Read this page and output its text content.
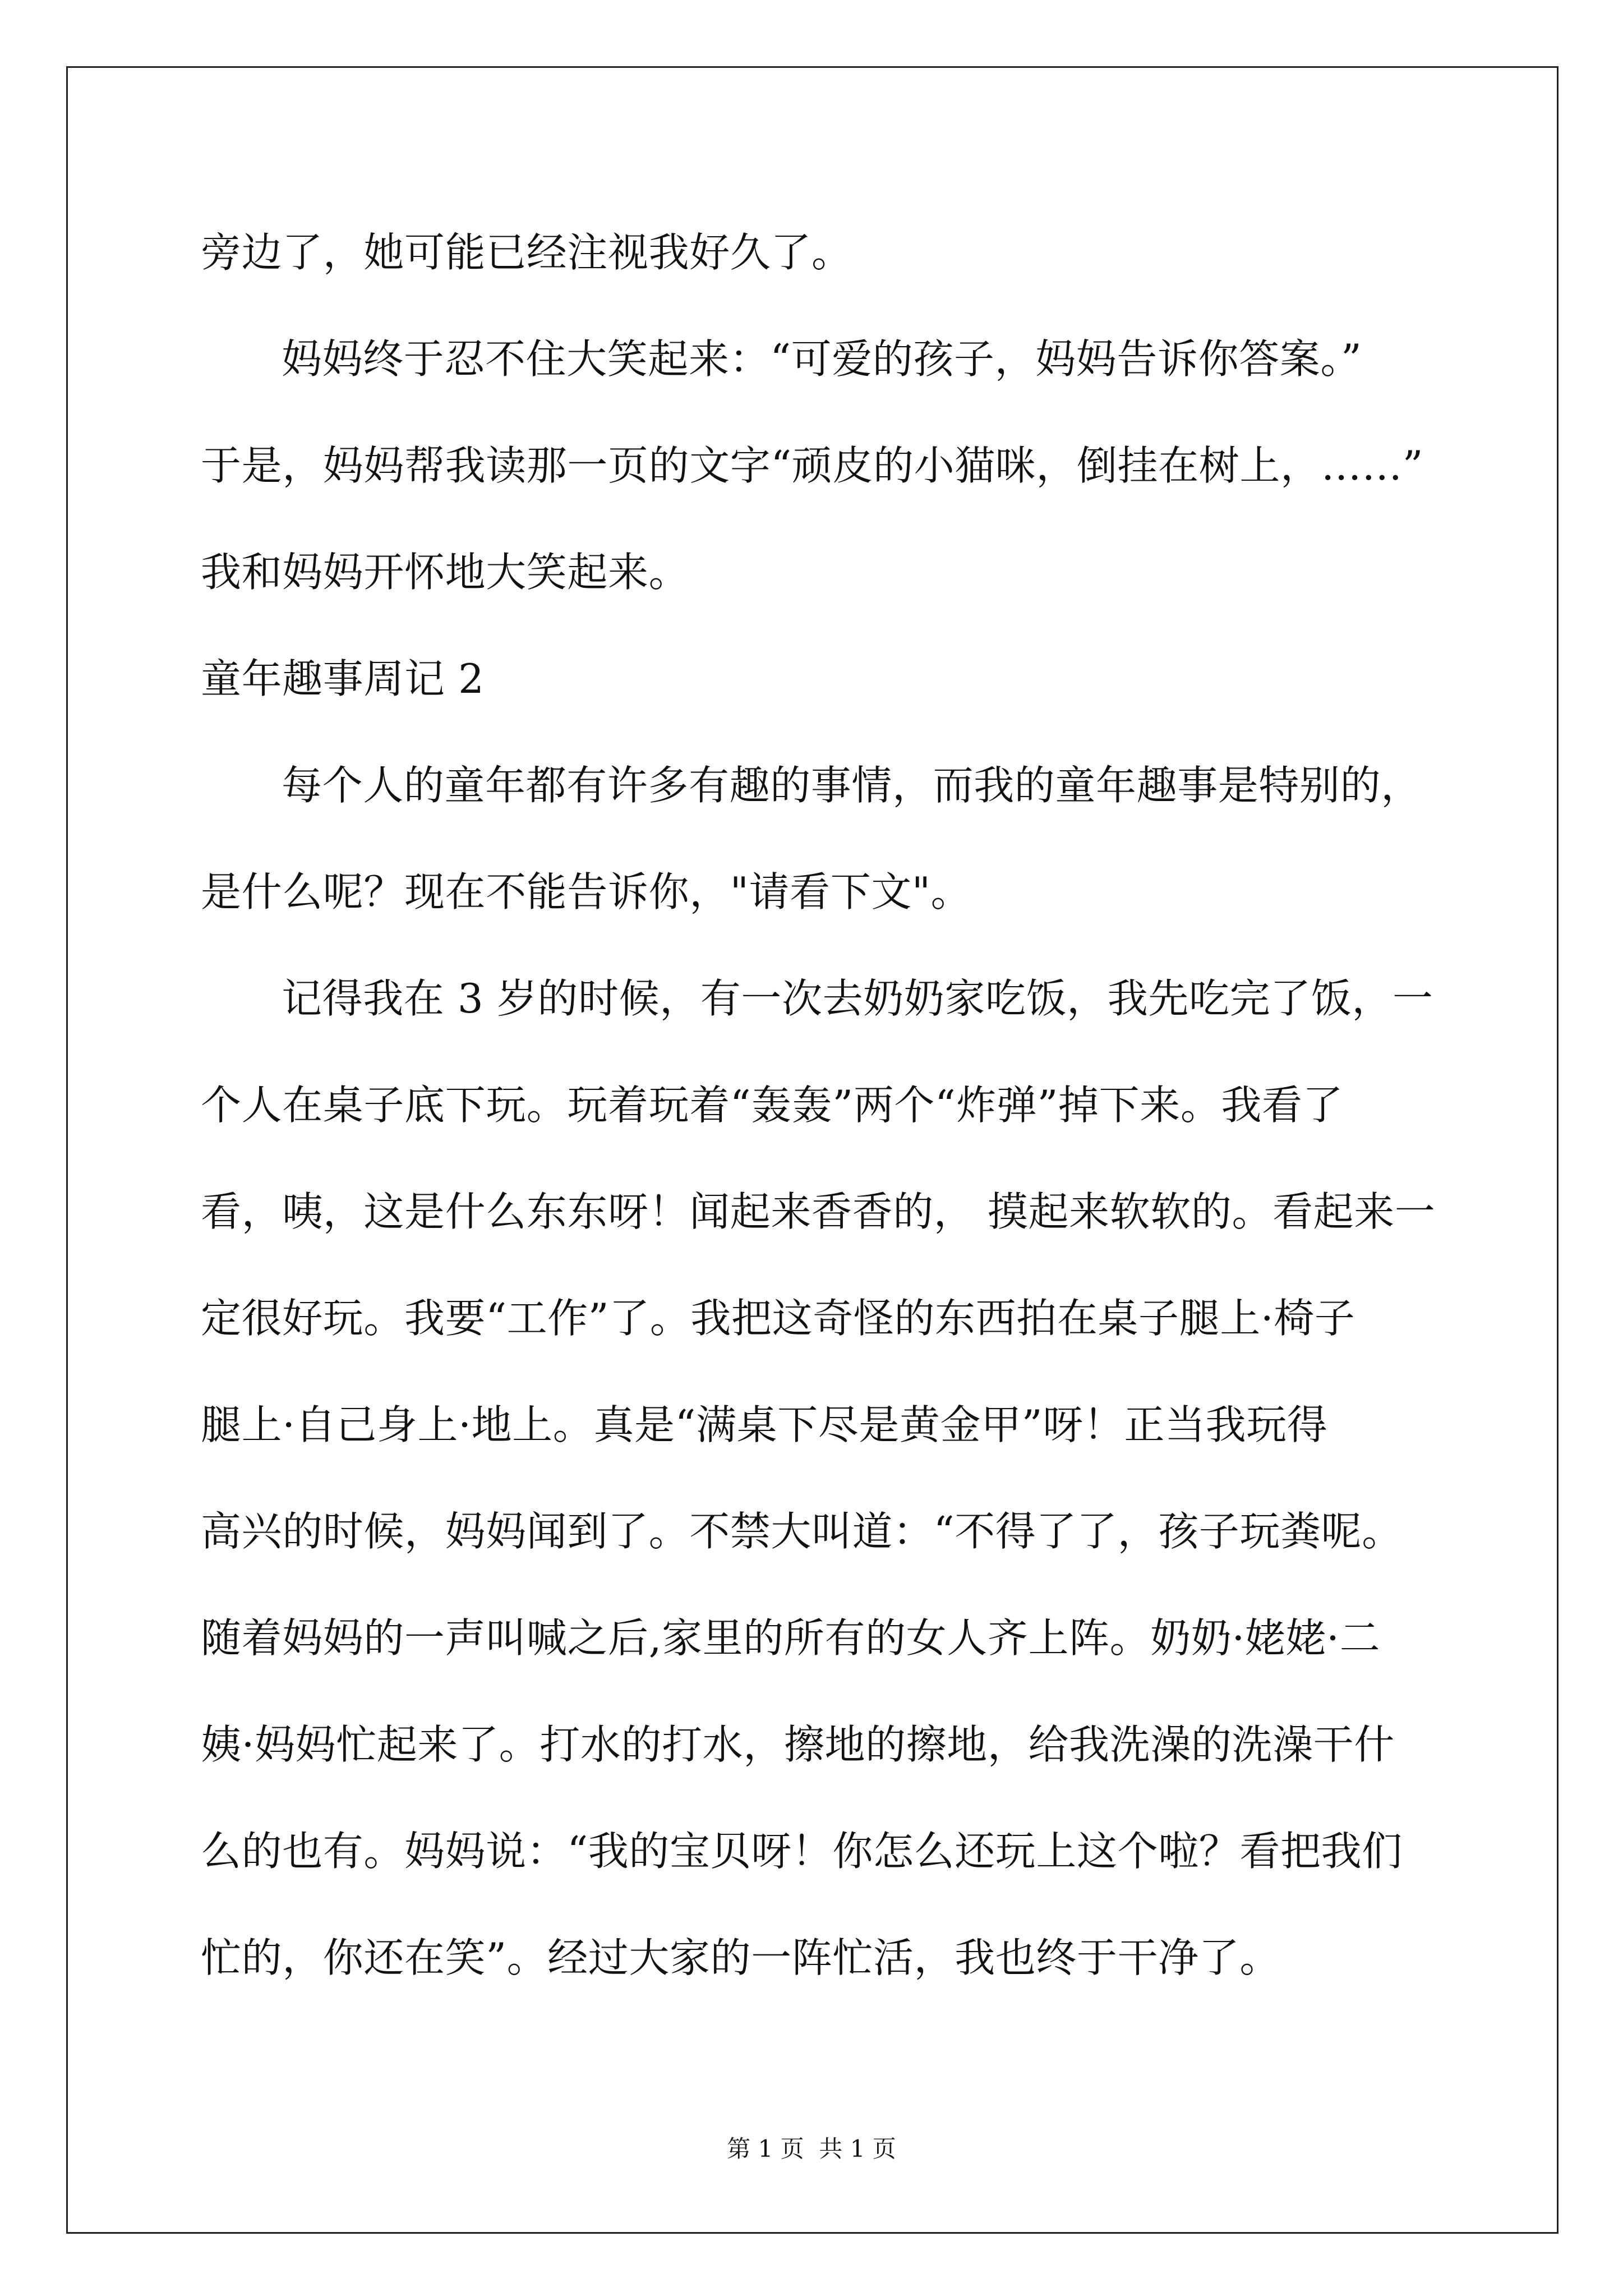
旁边了，她可能已经注视我好久了。
妈妈终于忍不住大笑起来：“可爱的孩子，妈妈告诉你答案。”
于是，妈妈帮我读那一页的文字“顽皮的小猫咪，倒挂在树上，……”
我和妈妈开怀地大笑起来。
童年趣事周记 2
每个人的童年都有许多有趣的事情，而我的童年趣事是特别的，
是什么呢？现在不能告诉你，"请看下文"。
记得我在 3 岁的时候，有一次去奶奶家吃饭，我先吃完了饭，一
个人在桌子底下玩。玩着玩着“轰轰”两个“炸弹”掉下来。我看了
看，咦，这是什么东东呀！闻起来香香的， 摸起来软软的。看起来一
定很好玩。我要“工作”了。我把这奇怪的东西拍在桌子腿上·椅子
腿上·自己身上·地上。真是“满桌下尽是黄金甲”呀！正当我玩得
高兴的时候，妈妈闻到了。不禁大叫道：“不得了了，孩子玩粪呢。
随着妈妈的一声叫喊之后,家里的所有的女人齐上阵。奶奶·姥姥·二
姨·妈妈忙起来了。打水的打水，擦地的擦地，给我洗澡的洗澡干什
么的也有。妈妈说：“我的宝贝呀！你怎么还玩上这个啦？看把我们
忙的，你还在笑”。经过大家的一阵忙活，我也终于干净了。
第 1 页  共 1 页
